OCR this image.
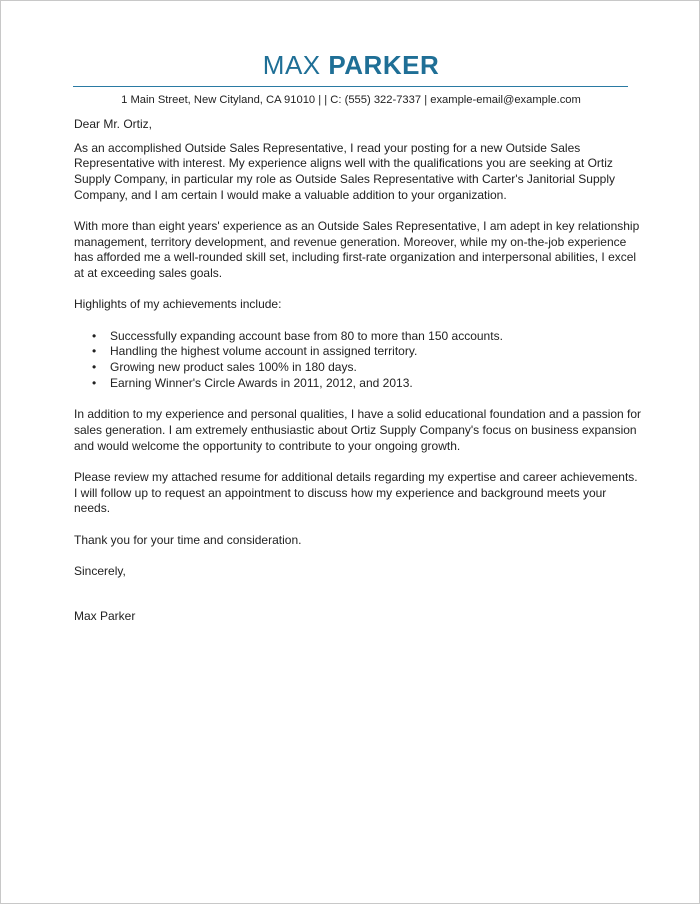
MAX PARKER
1 Main Street, New Cityland, CA 91010 | | C: (555) 322-7337 | example-email@example.com

Dear Mr. Ortiz,

As an accomplished Outside Sales Representative, I read your posting for a new Outside Sales Representative with interest. My experience aligns well with the qualifications you are seeking at Ortiz Supply Company, in particular my role as Outside Sales Representative with Carter's Janitorial Supply Company, and I am certain I would make a valuable addition to your organization.

With more than eight years' experience as an Outside Sales Representative, I am adept in key relationship management, territory development, and revenue generation. Moreover, while my on-the-job experience has afforded me a well-rounded skill set, including first-rate organization and interpersonal abilities, I excel at at exceeding sales goals.

Highlights of my achievements include:

• Successfully expanding account base from 80 to more than 150 accounts.
• Handling the highest volume account in assigned territory.
• Growing new product sales 100% in 180 days.
• Earning Winner's Circle Awards in 2011, 2012, and 2013.

In addition to my experience and personal qualities, I have a solid educational foundation and a passion for sales generation. I am extremely enthusiastic about Ortiz Supply Company's focus on business expansion and would welcome the opportunity to contribute to your ongoing growth.

Please review my attached resume for additional details regarding my expertise and career achievements. I will follow up to request an appointment to discuss how my experience and background meets your needs.

Thank you for your time and consideration.

Sincerely,

Max Parker
